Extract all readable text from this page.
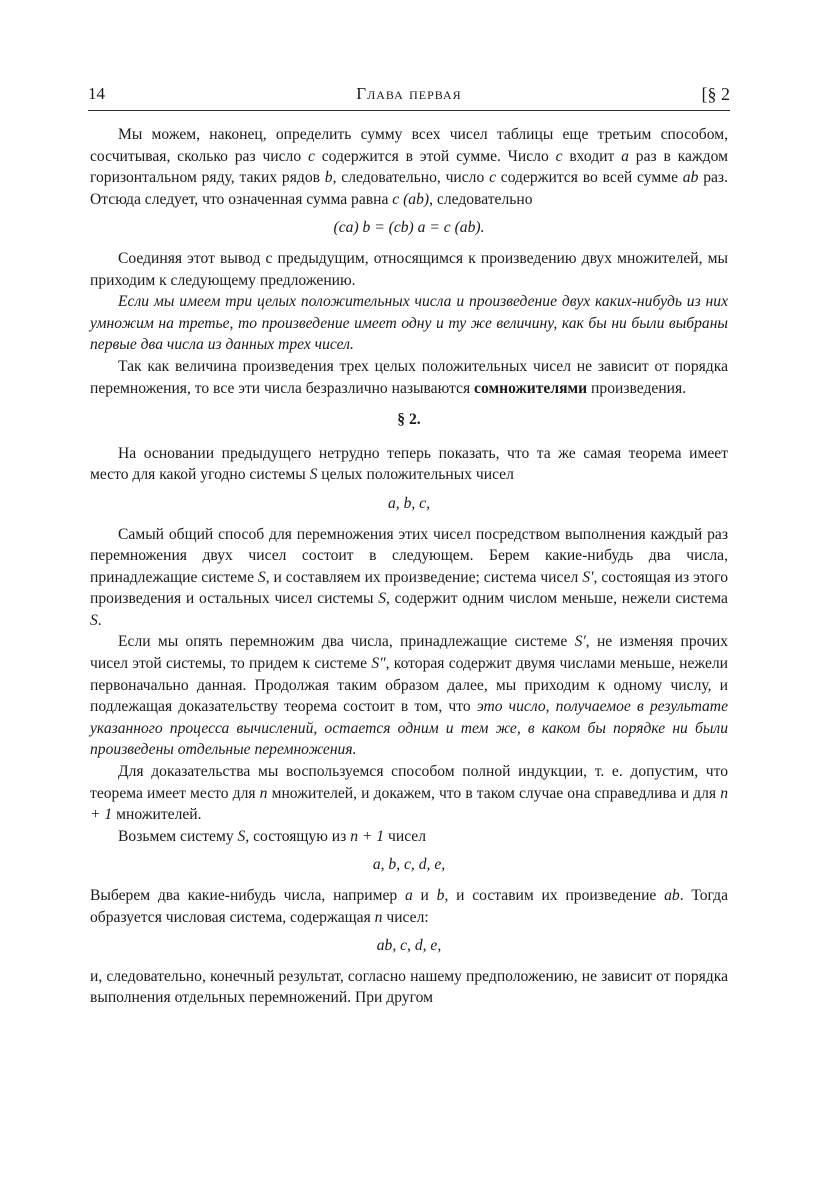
14	Глава первая	[§ 2

Мы можем, наконец, определить сумму всех чисел таблицы еще третьим способом, сосчитывая, сколько раз число c содержится в этой сумме. Число c входит a раз в каждом горизонтальном ряду, таких рядов b, следовательно, число c содержится во всей сумме ab раз. Отсюда следует, что означенная сумма равна c (ab), следовательно

(ca) b = (cb) a = c (ab).

Соединяя этот вывод с предыдущим, относящимся к произведению двух множителей, мы приходим к следующему предложению.

Если мы имеем три целых положительных числа и произведение двух каких-нибудь из них умножим на третье, то произведение имеет одну и ту же величину, как бы ни были выбраны первые два числа из данных трех чисел.

Так как величина произведения трех целых положительных чисел не зависит от порядка перемножения, то все эти числа безразлично называются сомножителями произведения.

§ 2.

На основании предыдущего нетрудно теперь показать, что та же самая теорема имеет место для какой угодно системы S целых положительных чисел

a, b, c,

Самый общий способ для перемножения этих чисел посредством выполнения каждый раз перемножения двух чисел состоит в следующем. Берем какие-нибудь два числа, принадлежащие системе S, и составляем их произведение; система чисел S′, состоящая из этого произведения и остальных чисел системы S, содержит одним числом меньше, нежели система S.

Если мы опять перемножим два числа, принадлежащие системе S′, не изменяя прочих чисел этой системы, то придем к системе S″, которая содержит двумя числами меньше, нежели первоначально данная. Продолжая таким образом далее, мы приходим к одному числу, и подлежащая доказательству теорема состоит в том, что это число, получаемое в результате указанного процесса вычислений, остается одним и тем же, в каком бы порядке ни были произведены отдельные перемножения.

Для доказательства мы воспользуемся способом полной индукции, т. е. допустим, что теорема имеет место для n множителей, и докажем, что в таком случае она справедлива и для n + 1 множителей.

Возьмем систему S, состоящую из n + 1 чисел

a, b, c, d, e,

Выберем два какие-нибудь числа, например a и b, и составим их произведение ab. Тогда образуется числовая система, содержащая n чисел:

ab, c, d, e,

и, следовательно, конечный результат, согласно нашему предположению, не зависит от порядка выполнения отдельных перемножений. При другом
